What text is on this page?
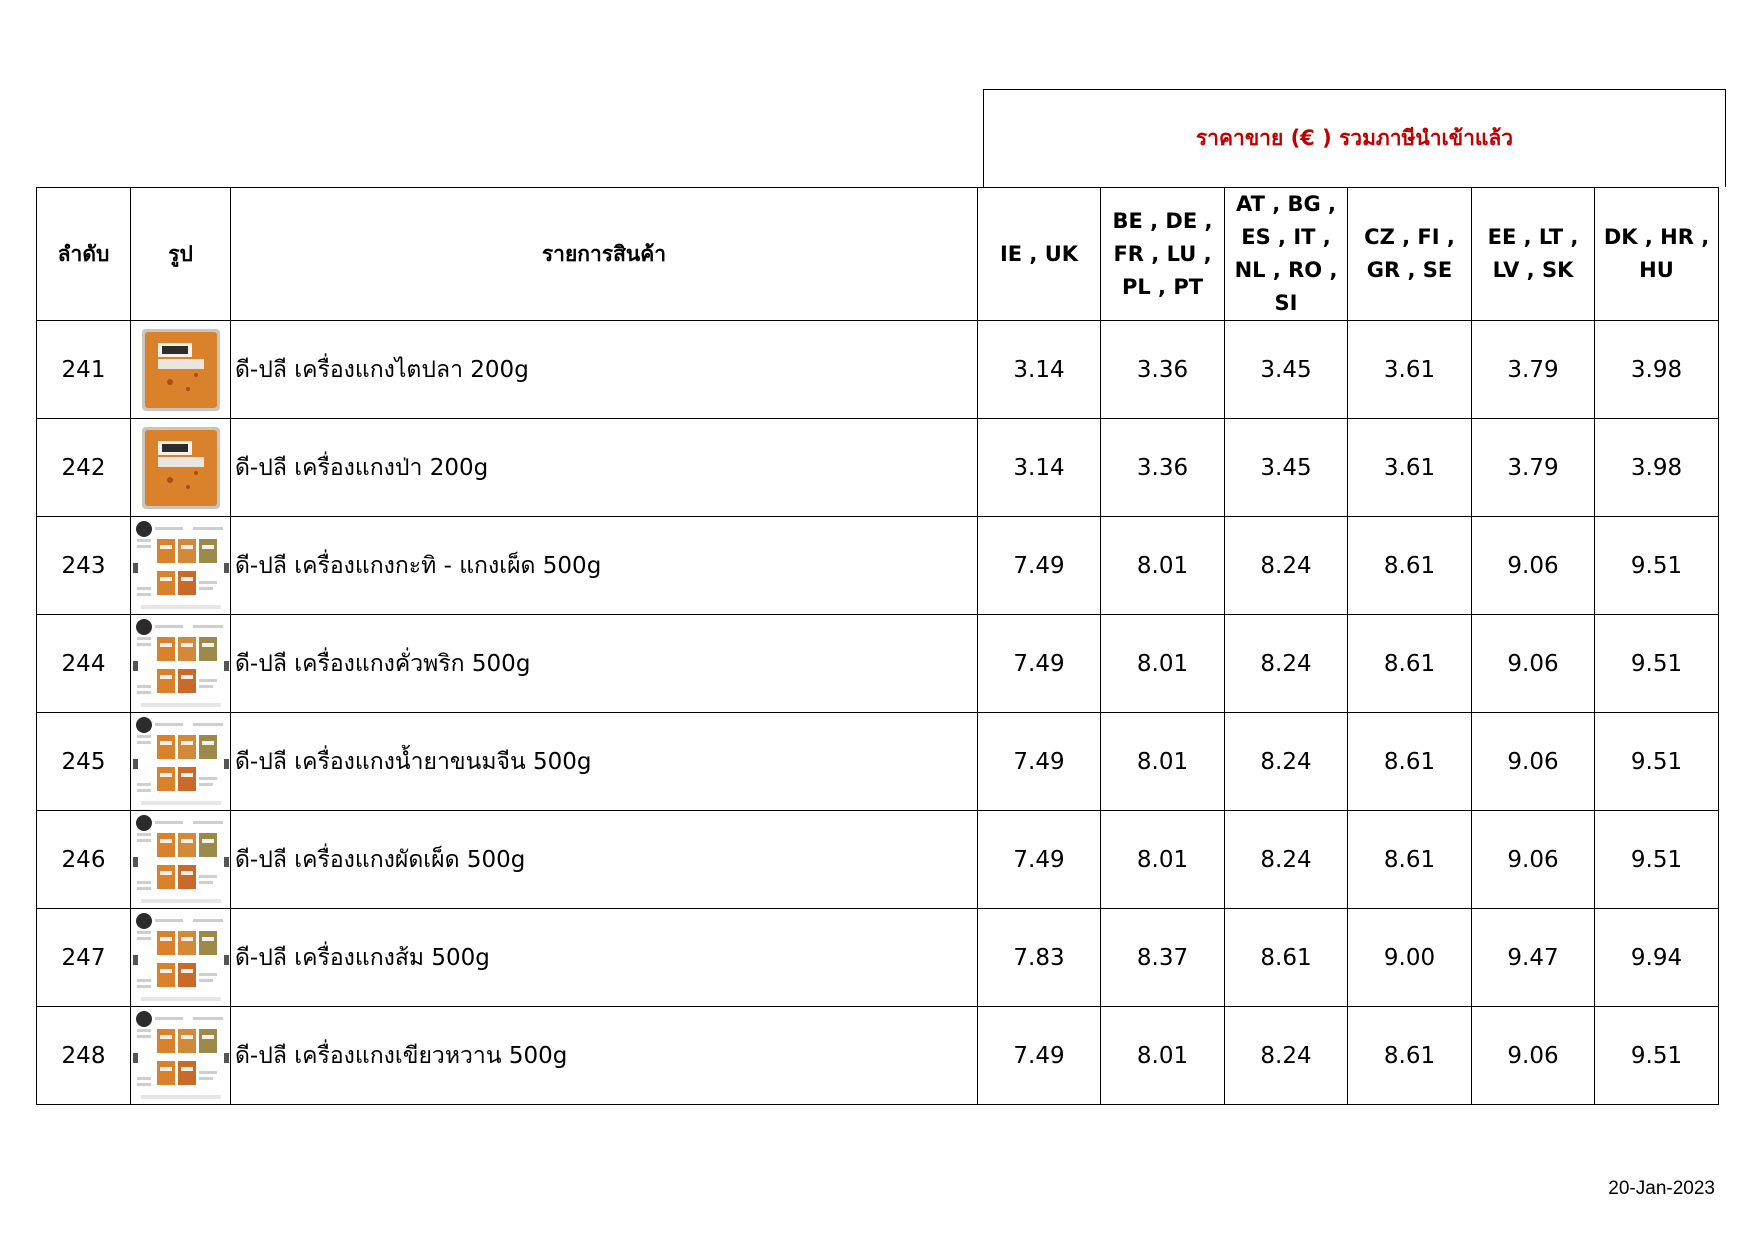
ราคาขาย (€ ) รวมภาษีนำเข้าแล้ว
ลำดับ	รูป	รายการสินค้า	IE , UK	BE , DE , FR , LU , PL , PT	AT , BG , ES , IT , NL , RO , SI	CZ , FI , GR , SE	EE , LT , LV , SK	DK , HR , HU
241		ดี-ปลี เครื่องแกงไตปลา 200g	3.14	3.36	3.45	3.61	3.79	3.98
242		ดี-ปลี เครื่องแกงป่า 200g	3.14	3.36	3.45	3.61	3.79	3.98
243		ดี-ปลี เครื่องแกงกะทิ - แกงเผ็ด 500g	7.49	8.01	8.24	8.61	9.06	9.51
244		ดี-ปลี เครื่องแกงคั่วพริก 500g	7.49	8.01	8.24	8.61	9.06	9.51
245		ดี-ปลี เครื่องแกงน้ำยาขนมจีน 500g	7.49	8.01	8.24	8.61	9.06	9.51
246		ดี-ปลี เครื่องแกงผัดเผ็ด 500g	7.49	8.01	8.24	8.61	9.06	9.51
247		ดี-ปลี เครื่องแกงส้ม 500g	7.83	8.37	8.61	9.00	9.47	9.94
248		ดี-ปลี เครื่องแกงเขียวหวาน 500g	7.49	8.01	8.24	8.61	9.06	9.51
20-Jan-2023
